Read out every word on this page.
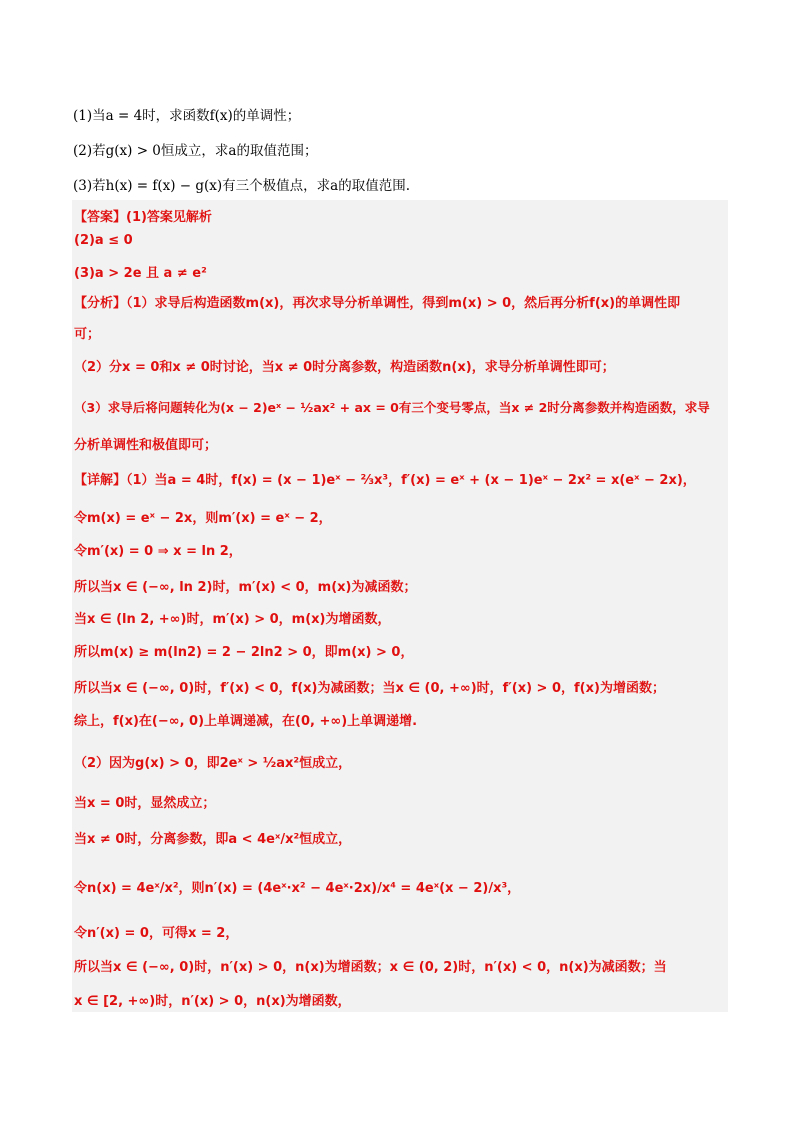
(1)当a = 4时，求函数f(x)的单调性；
(2)若g(x) > 0恒成立，求a的取值范围；
(3)若h(x) = f(x) − g(x)有三个极值点，求a的取值范围.
【答案】(1)答案见解析
(2)a ≤ 0
(3)a > 2e 且 a ≠ e²
【分析】（1）求导后构造函数m(x)，再次求导分析单调性，得到m(x) > 0，然后再分析f(x)的单调性即
可；
（2）分x = 0和x ≠ 0时讨论，当x ≠ 0时分离参数，构造函数n(x)，求导分析单调性即可；
（3）求导后将问题转化为(x − 2)eˣ − ½ax² + ax = 0有三个变号零点，当x ≠ 2时分离参数并构造函数，求导
分析单调性和极值即可；
【详解】（1）当a = 4时，f(x) = (x − 1)eˣ − ⅔x³，f′(x) = eˣ + (x − 1)eˣ − 2x² = x(eˣ − 2x)，
令m(x) = eˣ − 2x，则m′(x) = eˣ − 2，
令m′(x) = 0 ⇒ x = ln 2，
所以当x ∈ (−∞, ln 2)时，m′(x) < 0，m(x)为减函数；
当x ∈ (ln 2, +∞)时，m′(x) > 0，m(x)为增函数，
所以m(x) ≥ m(ln2) = 2 − 2ln2 > 0，即m(x) > 0，
所以当x ∈ (−∞, 0)时，f′(x) < 0，f(x)为减函数；当x ∈ (0, +∞)时，f′(x) > 0，f(x)为增函数；
综上，f(x)在(−∞, 0)上单调递减，在(0, +∞)上单调递增.
（2）因为g(x) > 0，即2eˣ > ½ax²恒成立，
当x = 0时，显然成立；
当x ≠ 0时，分离参数，即a < 4eˣ/x²恒成立，
令n(x) = 4eˣ/x²，则n′(x) = (4eˣ·x² − 4eˣ·2x)/x⁴ = 4eˣ(x − 2)/x³，
令n′(x) = 0，可得x = 2，
所以当x ∈ (−∞, 0)时，n′(x) > 0，n(x)为增函数；x ∈ (0, 2)时，n′(x) < 0，n(x)为减函数；当
x ∈ [2, +∞)时，n′(x) > 0，n(x)为增函数，
